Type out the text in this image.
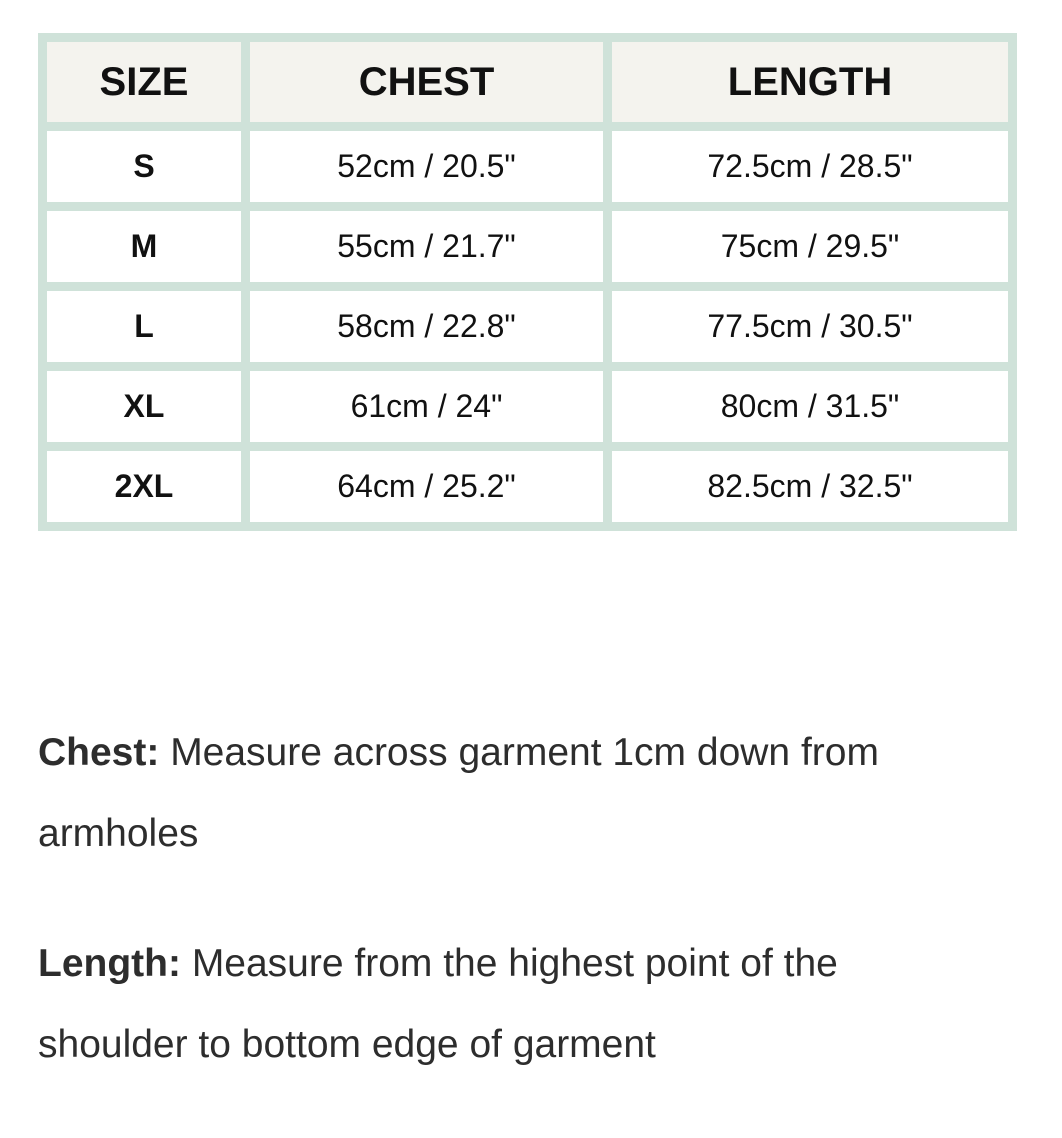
SIZE	CHEST	LENGTH
S	52cm / 20.5"	72.5cm / 28.5"
M	55cm / 21.7"	75cm / 29.5"
L	58cm / 22.8"	77.5cm / 30.5"
XL	61cm / 24"	80cm / 31.5"
2XL	64cm / 25.2"	82.5cm / 32.5"

Chest: Measure across garment 1cm down from armholes

Length: Measure from the highest point of the shoulder to bottom edge of garment
